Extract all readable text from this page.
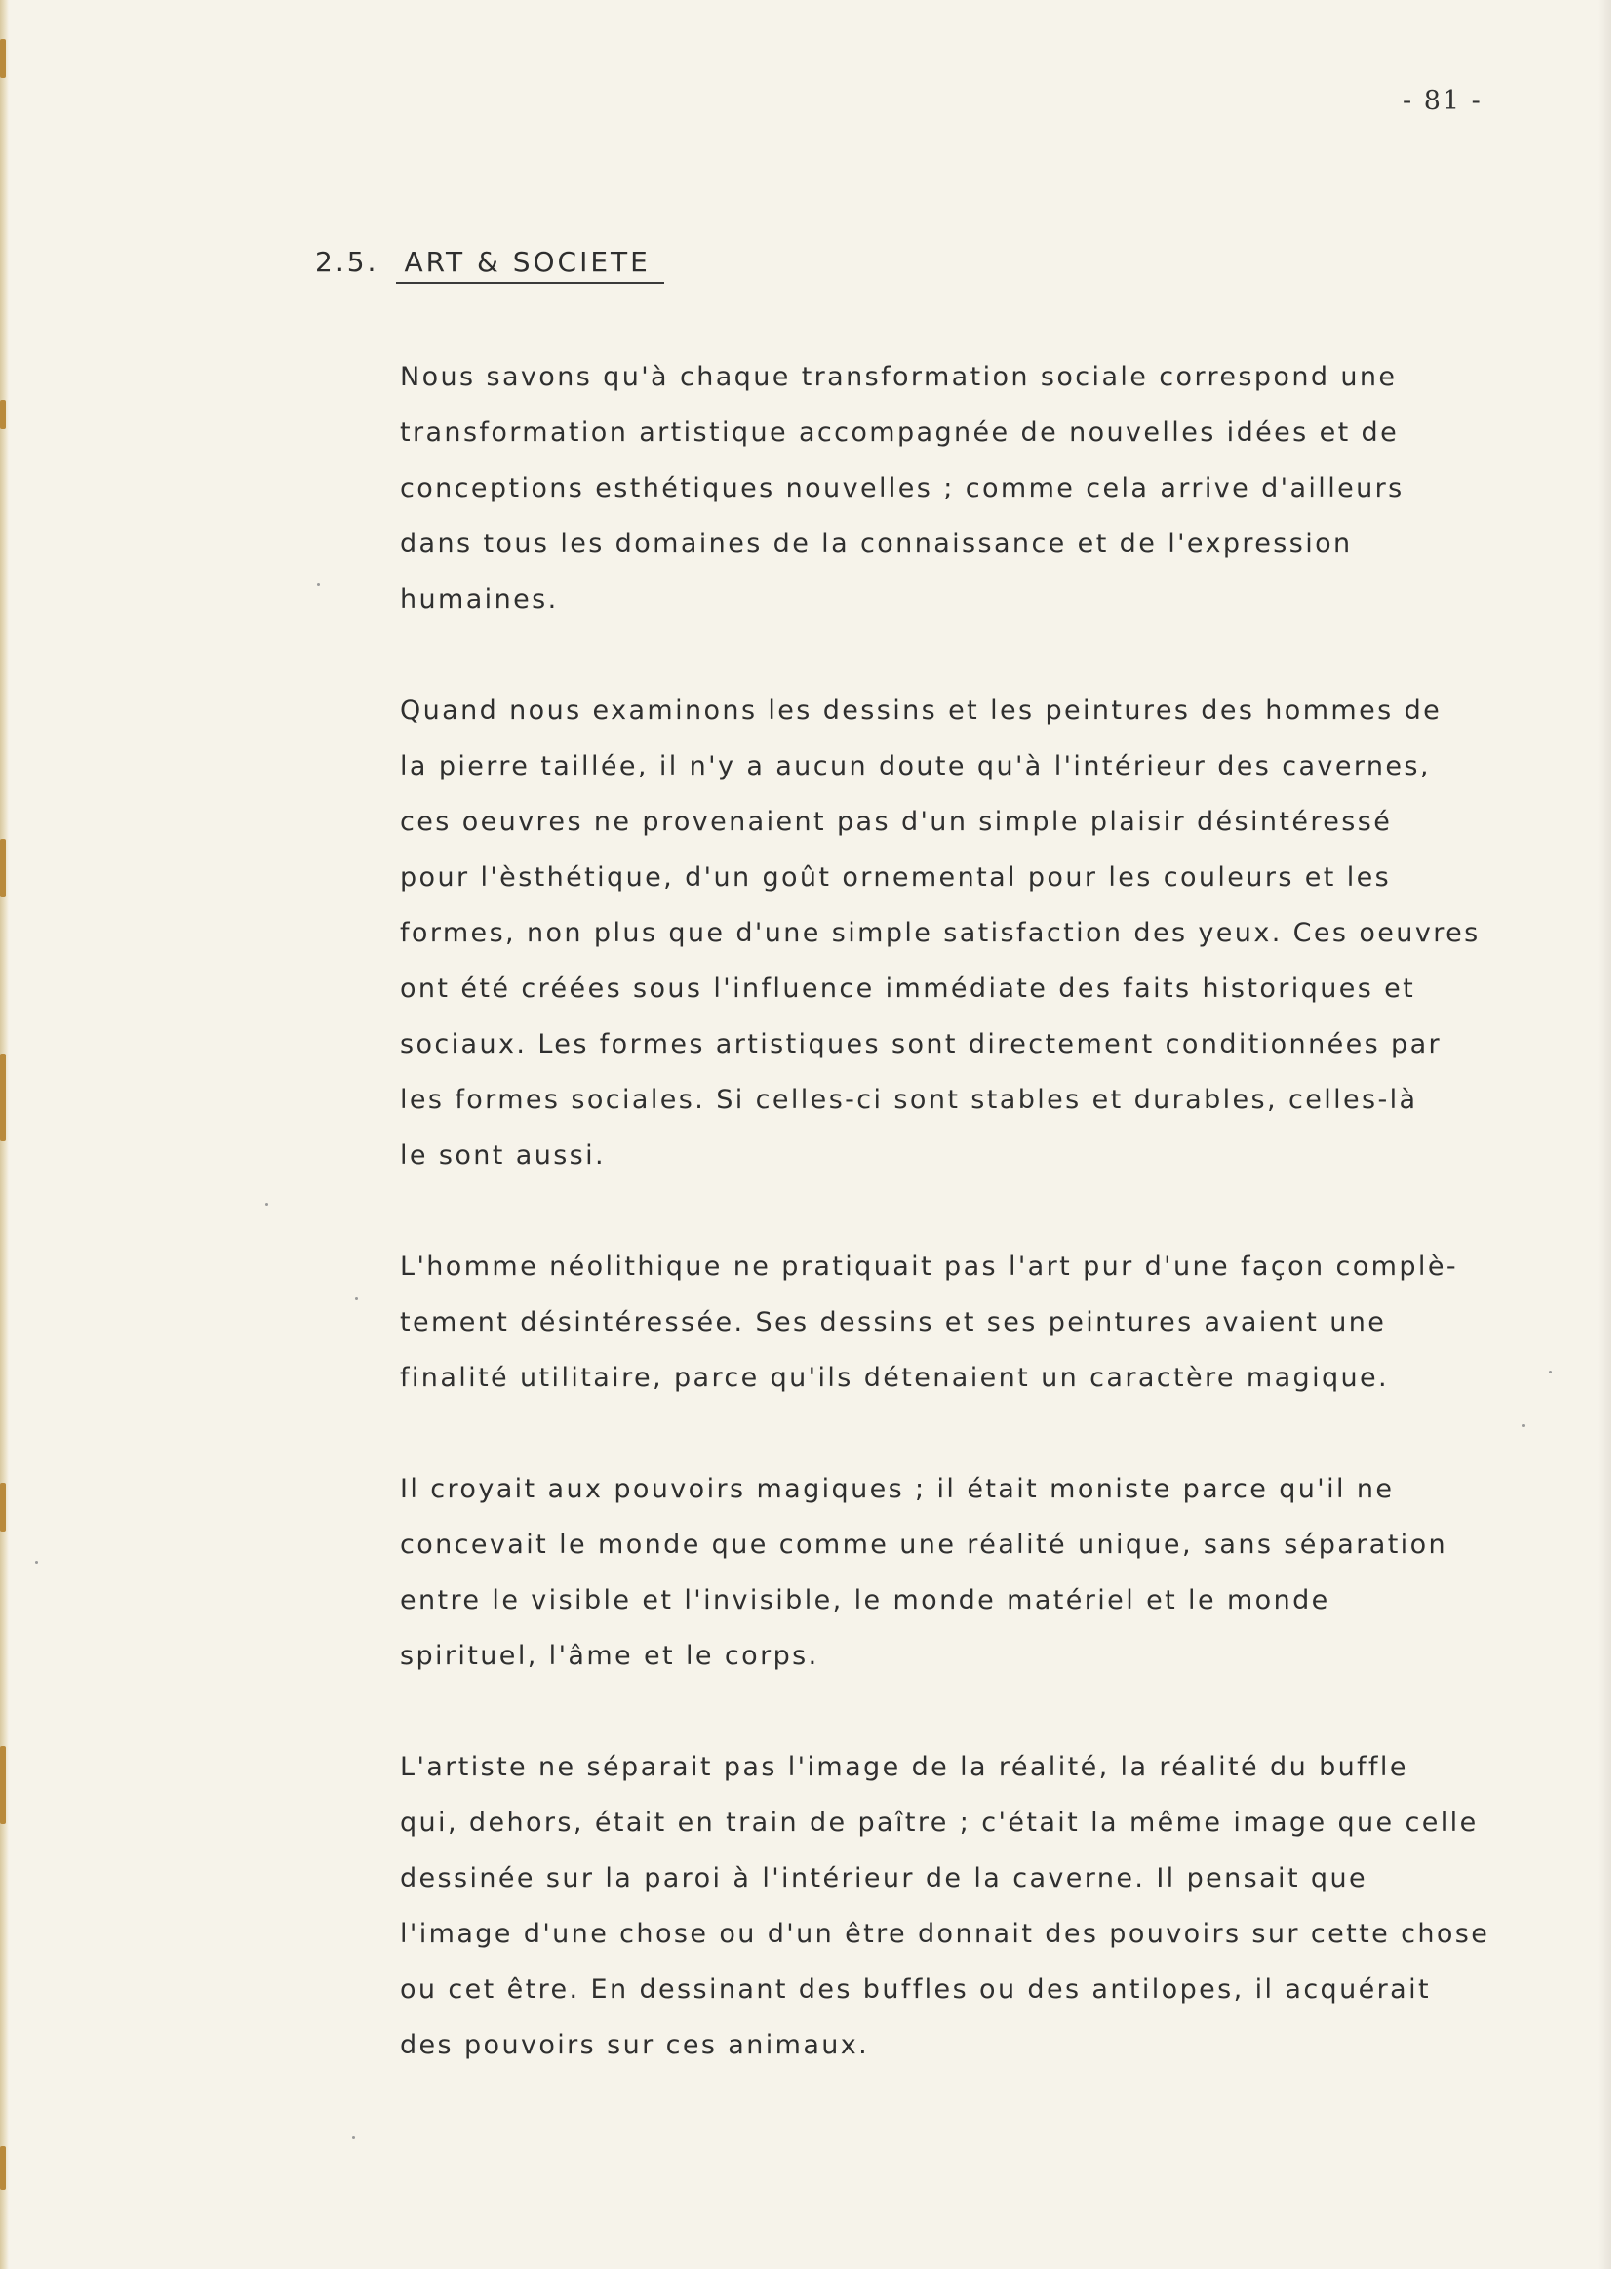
- 81 -
2.5. ART & SOCIETE
Nous savons qu'à chaque transformation sociale correspond une
transformation artistique accompagnée de nouvelles idées et de
conceptions esthétiques nouvelles ; comme cela arrive d'ailleurs
dans tous les domaines de la connaissance et de l'expression
humaines.
Quand nous examinons les dessins et les peintures des hommes de
la pierre taillée, il n'y a aucun doute qu'à l'intérieur des cavernes,
ces oeuvres ne provenaient pas d'un simple plaisir désintéressé
pour l'èsthétique, d'un goût ornemental pour les couleurs et les
formes, non plus que d'une simple satisfaction des yeux. Ces oeuvres
ont été créées sous l'influence immédiate des faits historiques et
sociaux. Les formes artistiques sont directement conditionnées par
les formes sociales. Si celles-ci sont stables et durables, celles-là
le sont aussi.
L'homme néolithique ne pratiquait pas l'art pur d'une façon complè-
tement désintéressée. Ses dessins et ses peintures avaient une
finalité utilitaire, parce qu'ils détenaient un caractère magique.
Il croyait aux pouvoirs magiques ; il était moniste parce qu'il ne
concevait le monde que comme une réalité unique, sans séparation
entre le visible et l'invisible, le monde matériel et le monde
spirituel, l'âme et le corps.
L'artiste ne séparait pas l'image de la réalité, la réalité du buffle
qui, dehors, était en train de paître ; c'était la même image que celle
dessinée sur la paroi à l'intérieur de la caverne. Il pensait que
l'image d'une chose ou d'un être donnait des pouvoirs sur cette chose
ou cet être. En dessinant des buffles ou des antilopes, il acquérait
des pouvoirs sur ces animaux.
